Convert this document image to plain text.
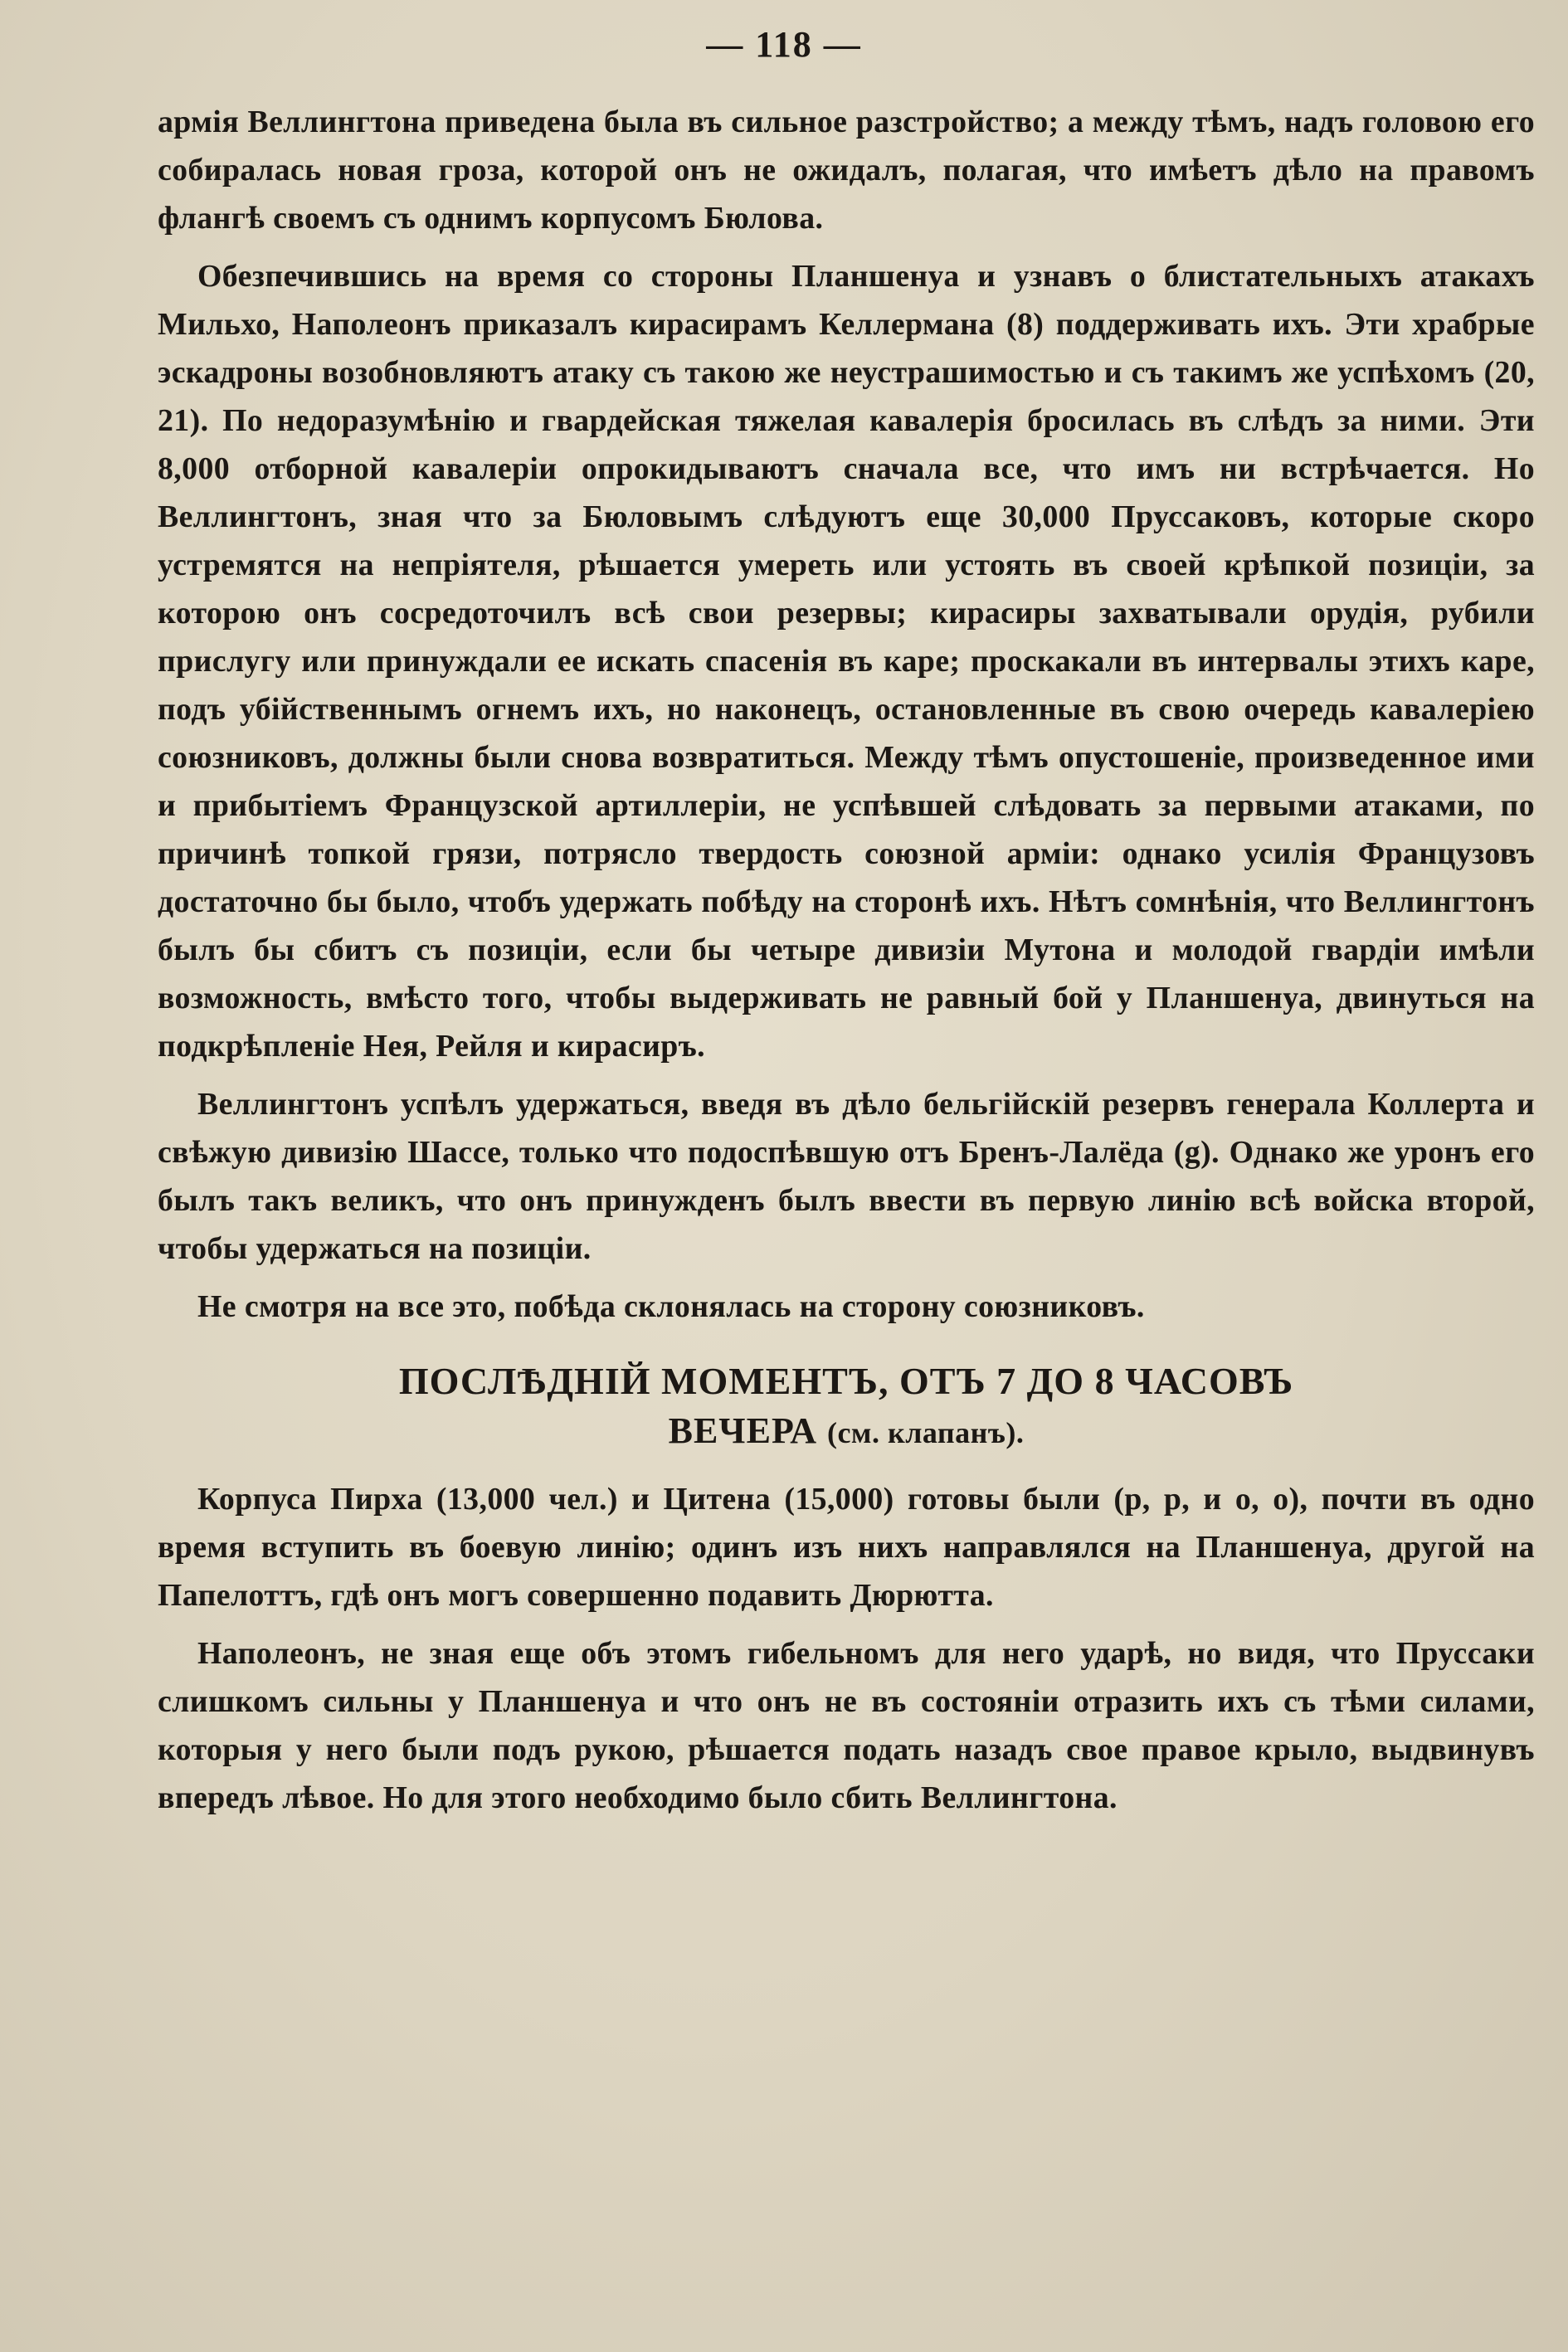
— 118 —

армія Веллингтона приведена была въ сильное разстройство; а между тѣмъ, надъ головою его собиралась новая гроза, которой онъ не ожидалъ, полагая, что имѣетъ дѣло на правомъ флангѣ своемъ съ однимъ корпусомъ Бюлова.

Обезпечившись на время со стороны Планшенуа и узнавъ о блистательныхъ атакахъ Мильхо, Наполеонъ приказалъ кирасирамъ Келлермана (8) поддерживать ихъ. Эти храбрые эскадроны возобновляютъ атаку съ такою же неустрашимостью и съ такимъ же успѣхомъ (20, 21). По недоразумѣнію и гвардейская тяжелая кавалерія бросилась въ слѣдъ за ними. Эти 8,000 отборной кавалеріи опрокидываютъ сначала все, что имъ ни встрѣчается. Но Веллингтонъ, зная что за Бюловымъ слѣдуютъ еще 30,000 Пруссаковъ, которые скоро устремятся на непріятеля, рѣшается умереть или устоять въ своей крѣпкой позиціи, за которою онъ сосредоточилъ всѣ свои резервы; кирасиры захватывали орудія, рубили прислугу или принуждали ее искать спасенія въ каре; проскакали въ интервалы этихъ каре, подъ убійственнымъ огнемъ ихъ, но наконецъ, остановленные въ свою очередь кавалеріею союзниковъ, должны были снова возвратиться. Между тѣмъ опустошеніе, произведенное ими и прибытіемъ Французской артиллеріи, не успѣвшей слѣдовать за первыми атаками, по причинѣ топкой грязи, потрясло твердость союзной арміи: однако усилія Французовъ достаточно бы было, чтобъ удержать побѣду на сторонѣ ихъ. Нѣтъ сомнѣнія, что Веллингтонъ былъ бы сбитъ съ позиціи, если бы четыре дивизіи Мутона и молодой гвардіи имѣли возможность, вмѣсто того, чтобы выдерживать не равный бой у Планшенуа, двинуться на подкрѣпленіе Нея, Рейля и кирасиръ.

Веллингтонъ успѣлъ удержаться, введя въ дѣло бельгійскій резервъ генерала Коллерта и свѣжую дивизію Шассе, только что подоспѣвшую отъ Бренъ-Лалёда (g). Однако же уронъ его былъ такъ великъ, что онъ принужденъ былъ ввести въ первую линію всѣ войска второй, чтобы удержаться на позиціи.

Не смотря на все это, побѣда склонялась на сторону союзниковъ.

ПОСЛѢДНІЙ МОМЕНТЪ, ОТЪ 7 ДО 8 ЧАСОВЪ
ВЕЧЕРА (см. клапанъ).

Корпуса Пирха (13,000 чел.) и Цитена (15,000) готовы были (p, p, и o, o), почти въ одно время вступить въ боевую линію; одинъ изъ нихъ направлялся на Планшенуа, другой на Папелоттъ, гдѣ онъ могъ совершенно подавить Дюрютта.

Наполеонъ, не зная еще объ этомъ гибельномъ для него ударѣ, но видя, что Пруссаки слишкомъ сильны у Планшенуа и что онъ не въ состояніи отразить ихъ съ тѣми силами, которыя у него были подъ рукою, рѣшается подать назадъ свое правое крыло, выдвинувъ впередъ лѣвое. Но для этого необходимо было сбить Веллингтона.
